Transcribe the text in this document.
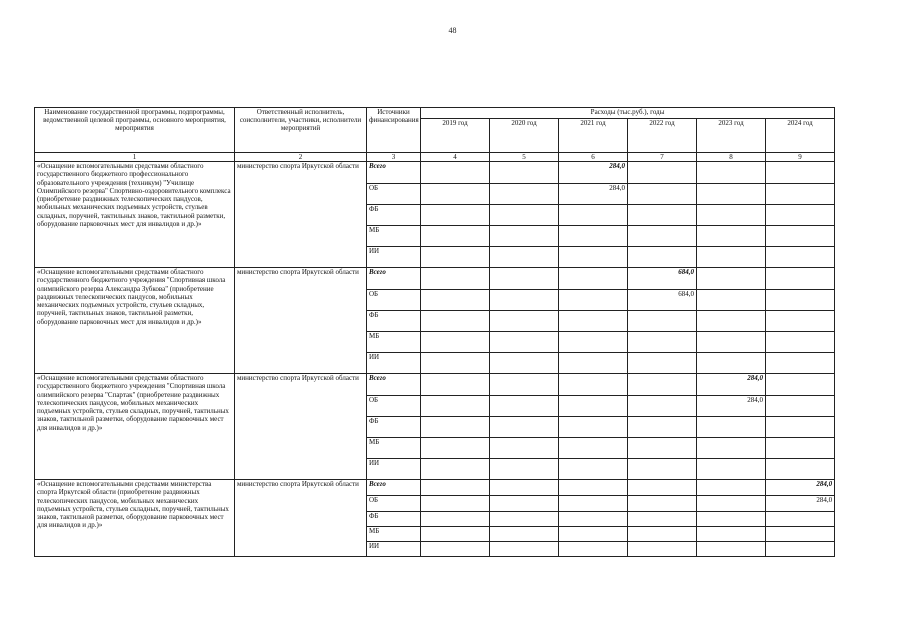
48
Наименование государственной программы, подпрограммы, ведомственной целевой программы, основного мероприятия, мероприятия	Ответственный исполнитель, соисполнители, участники, исполнители мероприятий	Источники финансирования	Расходы (тыс.руб.), годы					
			2019 год	2020 год	2021 год	2022 год	2023 год	2024 год
1	2	3	4	5	6	7	8	9
«Оснащение вспомогательными средствами областного государственного бюджетного профессионального образовательного учреждения (техникум) "Училище Олимпийского резерва" Спортивно-оздоровительного комплекса (приобретение раздвижных телескопических пандусов, мобильных механических подъемных устройств, стульев складных, поручней, тактильных знаков, тактильной разметки, оборудование парковочных мест для инвалидов и др.)»	министерство спорта Иркутской области	Всего			284,0			
		ОБ			284,0			
		ФБ						
		МБ						
		ИИ						
«Оснащение вспомогательными средствами областного государственного бюджетного учреждения "Спортивная школа олимпийского резерва Александра Зубкова" (приобретение раздвижных телескопических пандусов, мобильных механических подъемных устройств, стульев складных, поручней, тактильных знаков, тактильной разметки, оборудование парковочных мест для инвалидов и др.)»	министерство спорта Иркутской области	Всего				684,0		
		ОБ				684,0		
		ФБ						
		МБ						
		ИИ						
«Оснащение вспомогательными средствами областного государственного бюджетного учреждения "Спортивная школа олимпийского резерва "Спартак" (приобретение раздвижных телескопических пандусов, мобильных механических подъемных устройств, стульев складных, поручней, тактильных знаков, тактильной разметки, оборудование парковочных мест для инвалидов и др.)»	министерство спорта Иркутской области	Всего					284,0	
		ОБ					284,0	
		ФБ						
		МБ						
		ИИ						
«Оснащение вспомогательными средствами министерства спорта Иркутской области (приобретение раздвижных телескопических пандусов, мобильных механических подъемных устройств, стульев складных, поручней, тактильных знаков, тактильной разметки, оборудование парковочных мест для инвалидов и др.)»	министерство спорта Иркутской области	Всего						284,0
		ОБ						284,0
		ФБ						
		МБ						
		ИИ						
